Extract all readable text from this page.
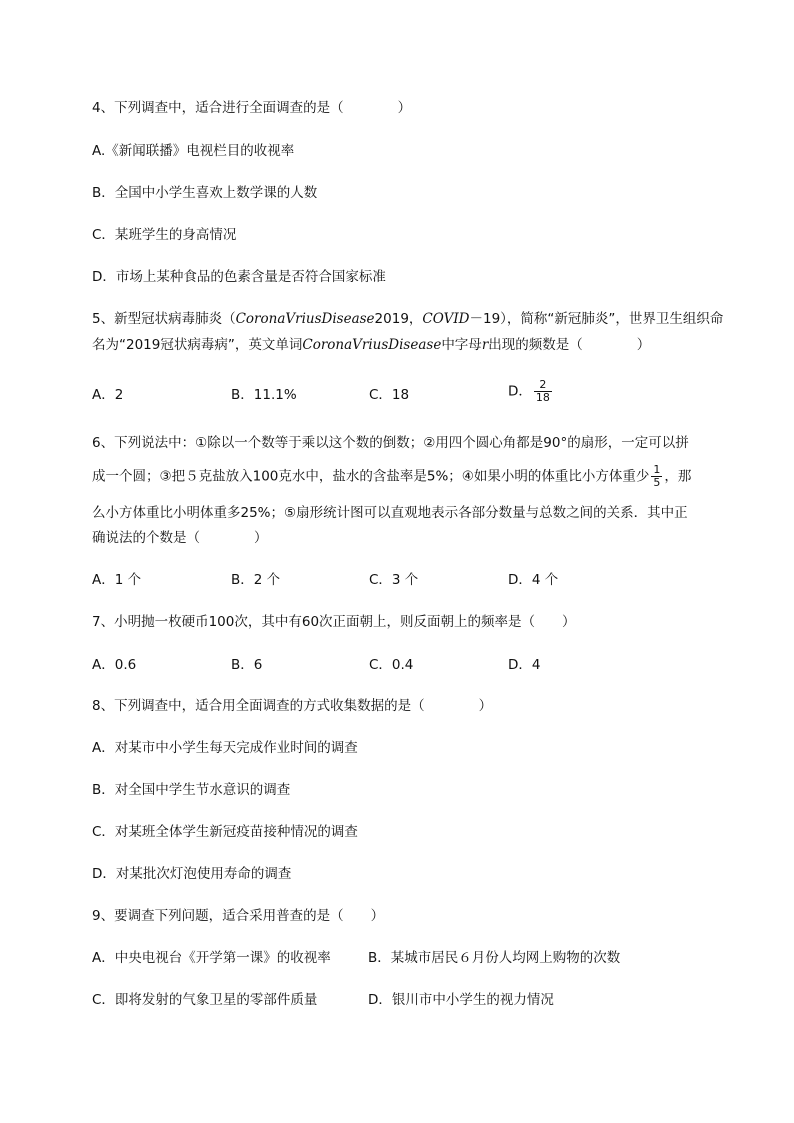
4、下列调查中，适合进行全面调查的是（　　　　）
A.《新闻联播》电视栏目的收视率
B．全国中小学生喜欢上数学课的人数
C．某班学生的身高情况
D．市场上某种食品的色素含量是否符合国家标准
5、新型冠状病毒肺炎（CoronaVriusDisease2019，COVID－19），简称“新冠肺炎”，世界卫生组织命
名为“2019冠状病毒病”，英文单词CoronaVriusDisease中字母r出现的频数是（　　　　）
A．2	B．11.1%	C．18	D． $\frac{2}{18}$
6、下列说法中：①除以一个数等于乘以这个数的倒数；②用四个圆心角都是90°的扇形，一定可以拼
成一个圆；③把５克盐放入100克水中，盐水的含盐率是5%；④如果小明的体重比小方体重少 $\frac{1}{5}$ ，那
么小方体重比小明体重多25%；⑤扇形统计图可以直观地表示各部分数量与总数之间的关系．其中正
确说法的个数是（　　　　）
A．1 个	B．2 个	C．3 个	D．4 个
7、小明抛一枚硬币100次，其中有60次正面朝上，则反面朝上的频率是（　　）
A．0.6	B．6	C．0.4	D．4
8、下列调查中，适合用全面调查的方式收集数据的是（　　　　）
A．对某市中小学生每天完成作业时间的调查
B．对全国中学生节水意识的调查
C．对某班全体学生新冠疫苗接种情况的调查
D．对某批次灯泡使用寿命的调查
9、要调查下列问题，适合采用普查的是（　　）
A．中央电视台《开学第一课》的收视率	B．某城市居民６月份人均网上购物的次数
C．即将发射的气象卫星的零部件质量	D．银川市中小学生的视力情况
